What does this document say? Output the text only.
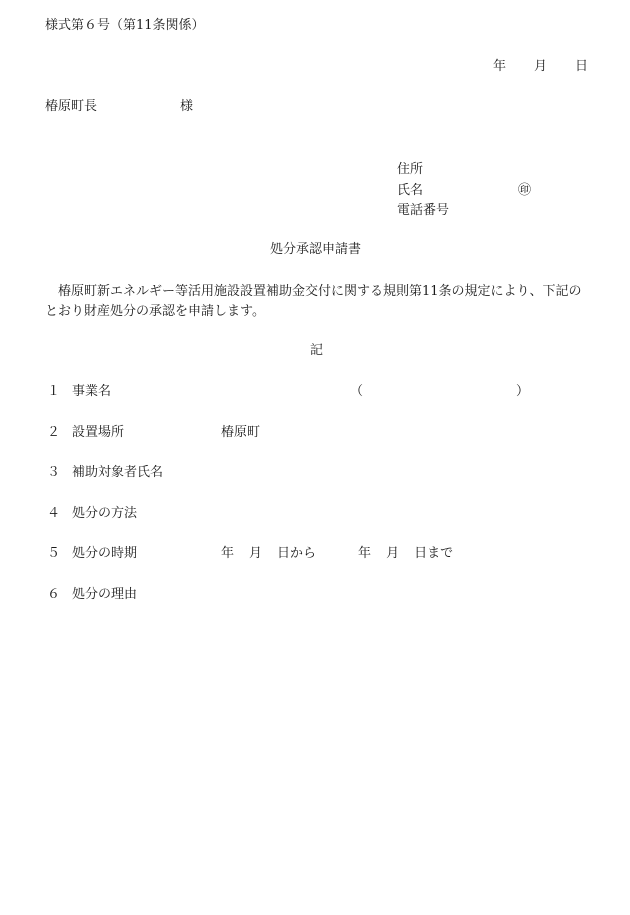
様式第６号（第11条関係）
年 月 日
椿原町長	様
住所
氏名	㊞
電話番号
処分承認申請書
椿原町新エネルギー等活用施設設置補助金交付に関する規則第11条の規定により、下記のとおり財産処分の承認を申請します。
記
１ 事業名	（	）
２ 設置場所	椿原町
３ 補助対象者氏名
４ 処分の方法
５ 処分の時期	年 月 日から	年 月 日まで
６ 処分の理由
